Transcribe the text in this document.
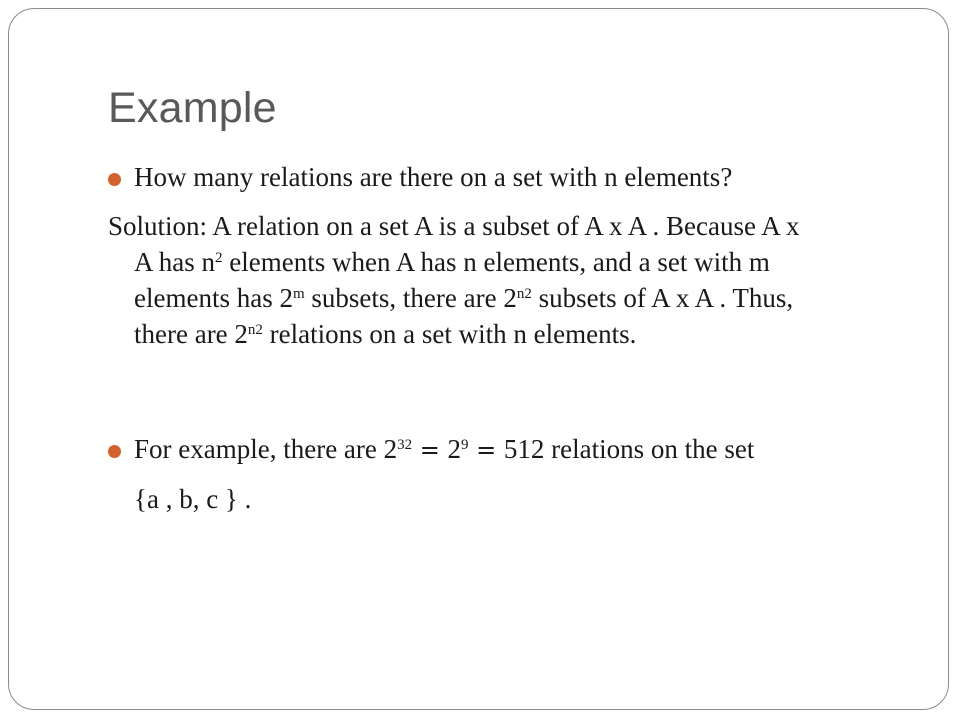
Example
How many relations are there on a set with n elements?
Solution: A relation on a set A is a subset of A x A . Because A x
A has $n^2$ elements when A has n elements, and a set with m
elements has 2$^m$ subsets, there are $2^{n2}$ subsets of A x A . Thus,
there are $2^{n2}$ relations on a set with n elements.
For example, there are $2^{32} = 2^9 = 512$ relations on the set
{a , b, c } .
